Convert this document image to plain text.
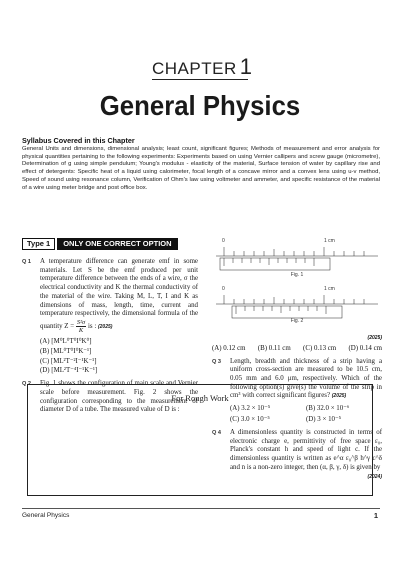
CHAPTER 1
General Physics
Syllabus Covered in this Chapter
General Units and dimensions, dimensional analysis; least count, significant figures; Methods of measurement and error analysis for physical quantities pertaining to the following experiments: Experiments based on using Vernier callipers and screw gauge (micrometre), Determination of g using simple pendulum; Young's modulus - elasticity of the material, Surface tension of water by capillary rise and effect of detergents: Specific heat of a liquid using calorimeter, focal length of a concave mirror and a convex lens using u-v method, Speed of sound using resonance column, Verification of Ohm's law using voltmeter and ammeter, and specific resistance of the material of a wire using meter bridge and post office box.
Type 1	ONLY ONE CORRECT OPTION
Q 1 A temperature difference can generate emf in some materials. Let S be the emf produced per unit temperature difference between the ends of a wire, σ the electrical conductivity and K the thermal conductivity of the material of the wire. Taking M, L, T, I and K as dimensions of mass, length, time, current and temperature respectively, the dimensional formula of the quantity $Z = \frac{\text{S²σ}}{K}$ is : (2025)
(A) [M⁰L⁰T⁰I⁰K⁰]
(B) [ML⁰T⁰I⁰K⁻¹]
(C) [ML²T⁻²I⁻¹K⁻¹]
(D) [ML²T⁻⁴I⁻¹K⁻¹]
Q 2 Fig. 1 shows the configuration of main scale and Vernier scale before measurement. Fig. 2 shows the configuration corresponding to the measurement of diameter D of a tube. The measured value of D is :
0	1 cm
Fig. 1
0	1 cm
Fig. 2
(2025)
(A) 0.12 cm (B) 0.11 cm (C) 0.13 cm (D) 0.14 cm
Q 3 Length, breadth and thickness of a strip having a uniform cross-section are measured to be 10.5 cm, 0.05 mm and 6.0 μm, respectively. Which of the following option(s) give(s) the volume of the strip in cm³ with correct significant figures? (2025)
(A) 3.2 × 10⁻⁵	(B) 32.0 × 10⁻⁶
(C) 3.0 × 10⁻⁵	(D) 3 × 10⁻⁵
Q 4 A dimensionless quantity is constructed in terms of electronic charge e, permittivity of free space ε₀, Planck's constant h and speed of light c. If the dimensionless quantity is written as e^α ε₀^β h^γ c^δ and n is a non-zero integer, then (α, β, γ, δ) is given by
(2024)
For Rough Work
General Physics	1
